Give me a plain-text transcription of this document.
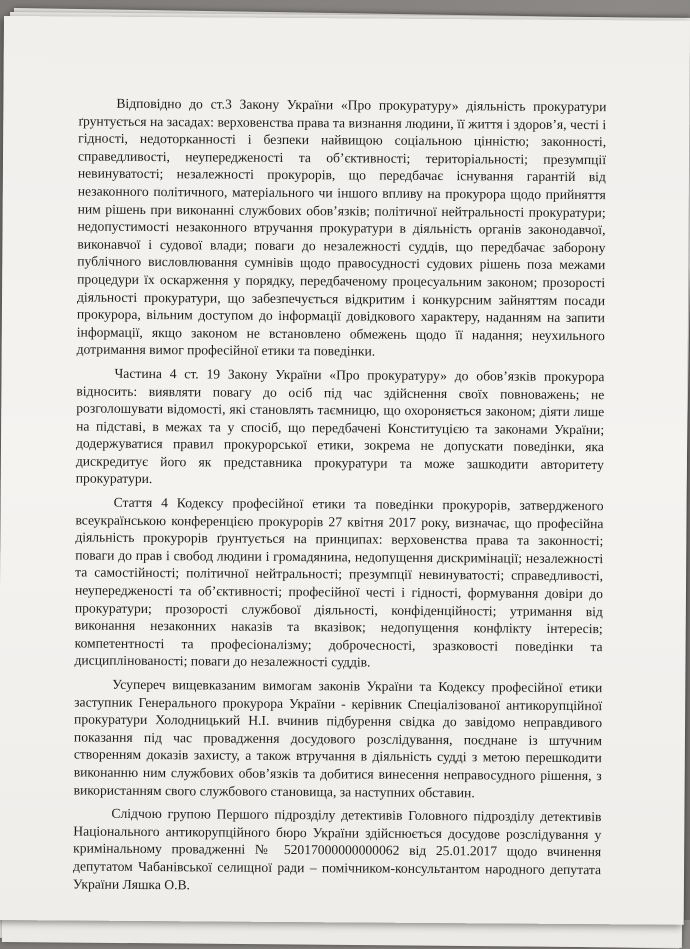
Відповідно до ст.3 Закону України «Про прокуратуру» діяльність прокуратури ґрунтується на засадах: верховенства права та визнання людини, її життя і здоров’я, честі і гідності, недоторканності і безпеки найвищою соціальною цінністю; законності, справедливості, неупередженості та об’єктивності; територіальності; презумпції невинуватості; незалежності прокурорів, що передбачає існування гарантій від незаконного політичного, матеріального чи іншого впливу на прокурора щодо прийняття ним рішень при виконанні службових обов’язків; політичної нейтральності прокуратури; недопустимості незаконного втручання прокуратури в діяльність органів законодавчої, виконавчої і судової влади; поваги до незалежності суддів, що передбачає заборону публічного висловлювання сумнівів щодо правосудності судових рішень поза межами процедури їх оскарження у порядку, передбаченому процесуальним законом; прозорості діяльності прокуратури, що забезпечується відкритим і конкурсним зайняттям посади прокурора, вільним доступом до інформації довідкового характеру, наданням на запити інформації, якщо законом не встановлено обмежень щодо її надання; неухильного дотримання вимог професійної етики та поведінки.

Частина 4 ст. 19 Закону України «Про прокуратуру» до обов’язків прокурора відносить: виявляти повагу до осіб під час здійснення своїх повноважень; не розголошувати відомості, які становлять таємницю, що охороняється законом; діяти лише на підставі, в межах та у спосіб, що передбачені Конституцією та законами України; додержуватися правил прокурорської етики, зокрема не допускати поведінки, яка дискредитує його як представника прокуратури та може зашкодити авторитету прокуратури.

Стаття 4 Кодексу професійної етики та поведінки прокурорів, затвердженого всеукраїнською конференцією прокурорів 27 квітня 2017 року, визначає, що професійна діяльність прокурорів ґрунтується на принципах: верховенства права та законності; поваги до прав і свобод людини і громадянина, недопущення дискримінації; незалежності та самостійності; політичної нейтральності; презумпції невинуватості; справедливості, неупередженості та об’єктивності; професійної честі і гідності, формування довіри до прокуратури; прозорості службової діяльності, конфіденційності; утримання від виконання незаконних наказів та вказівок; недопущення конфлікту інтересів; компетентності та професіоналізму; доброчесності, зразковості поведінки та дисциплінованості; поваги до незалежності суддів.

Усупереч вищевказаним вимогам законів України та Кодексу професійної етики заступник Генерального прокурора України - керівник Спеціалізованої антикорупційної прокуратури Холодницький Н.І. вчинив підбурення свідка до завідомо неправдивого показання під час провадження досудового розслідування, поєднане із штучним створенням доказів захисту, а також втручання в діяльність судді з метою перешкодити виконанню ним службових обов’язків та добитися винесення неправосудного рішення, з використанням свого службового становища, за наступних обставин.

Слідчою групою Першого підрозділу детективів Головного підрозділу детективів Національного антикорупційного бюро України здійснюється досудове розслідування у кримінальному провадженні № 52017000000000062 від 25.01.2017 щодо вчинення депутатом Чабанівської селищної ради – помічником-консультантом народного депутата України Ляшка О.В.
